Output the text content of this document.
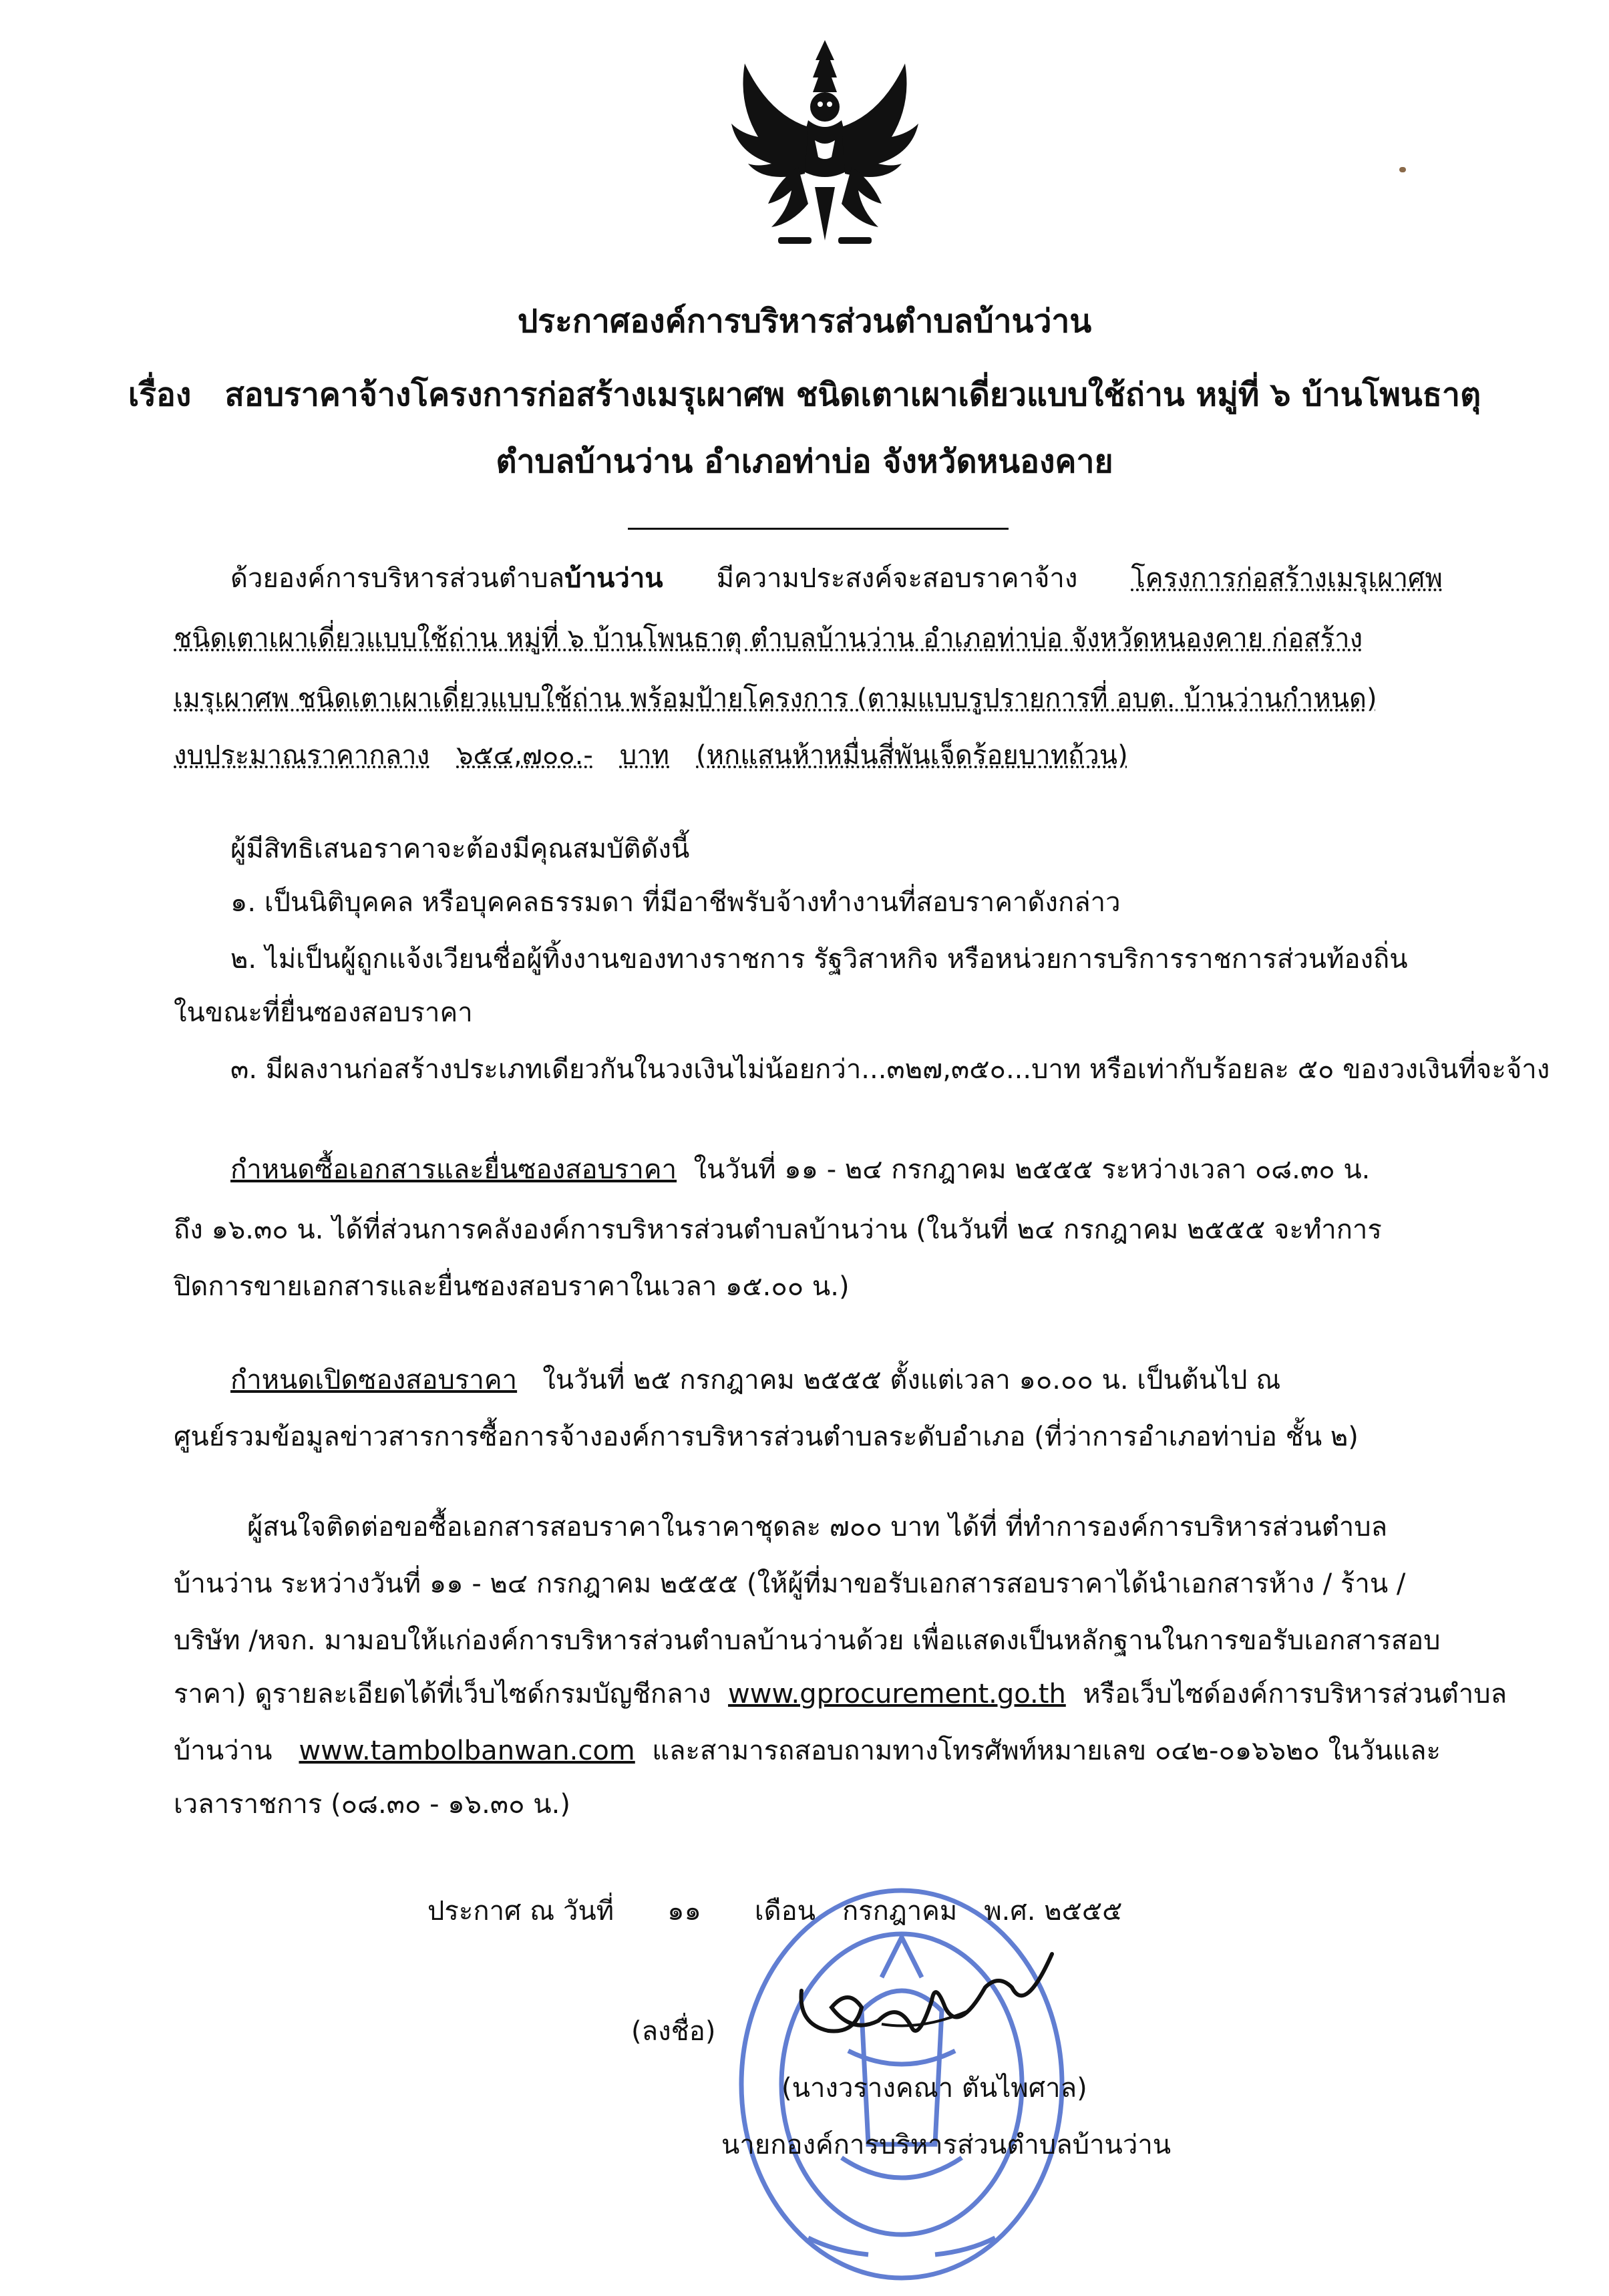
ประกาศองค์การบริหารส่วนตำบลบ้านว่าน
เรื่อง สอบราคาจ้างโครงการก่อสร้างเมรุเผาศพ ชนิดเตาเผาเดี่ยวแบบใช้ถ่าน หมู่ที่ ๖ บ้านโพนธาตุ
ตำบลบ้านว่าน อำเภอท่าบ่อ จังหวัดหนองคาย
ด้วยองค์การบริหารส่วนตำบลบ้านว่าน มีความประสงค์จะสอบราคาจ้าง โครงการก่อสร้างเมรุเผาศพ
ชนิดเตาเผาเดี่ยวแบบใช้ถ่าน หมู่ที่ ๖ บ้านโพนธาตุ ตำบลบ้านว่าน อำเภอท่าบ่อ จังหวัดหนองคาย ก่อสร้าง
เมรุเผาศพ ชนิดเตาเผาเดี่ยวแบบใช้ถ่าน พร้อมป้ายโครงการ (ตามแบบรูปรายการที่ อบต. บ้านว่านกำหนด)
งบประมาณราคากลาง ๖๕๔,๗๐๐.- บาท (หกแสนห้าหมื่นสี่พันเจ็ดร้อยบาทถ้วน)
ผู้มีสิทธิเสนอราคาจะต้องมีคุณสมบัติดังนี้
๑. เป็นนิติบุคคล หรือบุคคลธรรมดา ที่มีอาชีพรับจ้างทำงานที่สอบราคาดังกล่าว
๒. ไม่เป็นผู้ถูกแจ้งเวียนชื่อผู้ทิ้งงานของทางราชการ รัฐวิสาหกิจ หรือหน่วยการบริการราชการส่วนท้องถิ่น
ในขณะที่ยื่นซองสอบราคา
๓. มีผลงานก่อสร้างประเภทเดียวกันในวงเงินไม่น้อยกว่า...๓๒๗,๓๕๐...บาท หรือเท่ากับร้อยละ ๕๐ ของวงเงินที่จะจ้าง
กำหนดซื้อเอกสารและยื่นซองสอบราคา ในวันที่ ๑๑ - ๒๔ กรกฎาคม ๒๕๕๕ ระหว่างเวลา ๐๘.๓๐ น.
ถึง ๑๖.๓๐ น. ได้ที่ส่วนการคลังองค์การบริหารส่วนตำบลบ้านว่าน (ในวันที่ ๒๔ กรกฎาคม ๒๕๕๕ จะทำการ
ปิดการขายเอกสารและยื่นซองสอบราคาในเวลา ๑๕.๐๐ น.)
กำหนดเปิดซองสอบราคา ในวันที่ ๒๕ กรกฎาคม ๒๕๕๕ ตั้งแต่เวลา ๑๐.๐๐ น. เป็นต้นไป ณ
ศูนย์รวมข้อมูลข่าวสารการซื้อการจ้างองค์การบริหารส่วนตำบลระดับอำเภอ (ที่ว่าการอำเภอท่าบ่อ ชั้น ๒)
ผู้สนใจติดต่อขอซื้อเอกสารสอบราคาในราคาชุดละ ๗๐๐ บาท ได้ที่ ที่ทำการองค์การบริหารส่วนตำบล
บ้านว่าน ระหว่างวันที่ ๑๑ - ๒๔ กรกฎาคม ๒๕๕๕ (ให้ผู้ที่มาขอรับเอกสารสอบราคาได้นำเอกสารห้าง / ร้าน /
บริษัท /หจก. มามอบให้แก่องค์การบริหารส่วนตำบลบ้านว่านด้วย เพื่อแสดงเป็นหลักฐานในการขอรับเอกสารสอบ
ราคา) ดูรายละเอียดได้ที่เว็บไซด์กรมบัญชีกลาง www.gprocurement.go.th หรือเว็บไซด์องค์การบริหารส่วนตำบล
บ้านว่าน www.tambolbanwan.com และสามารถสอบถามทางโทรศัพท์หมายเลข ๐๔๒-๐๑๖๖๒๐ ในวันและ
เวลาราชการ (๐๘.๓๐ - ๑๖.๓๐ น.)
ประกาศ ณ วันที่ ๑๑ เดือน กรกฎาคม พ.ศ. ๒๕๕๕
(ลงชื่อ)
(นางวรางคณา ตันไพศาล)
นายกองค์การบริหารส่วนตำบลบ้านว่าน
